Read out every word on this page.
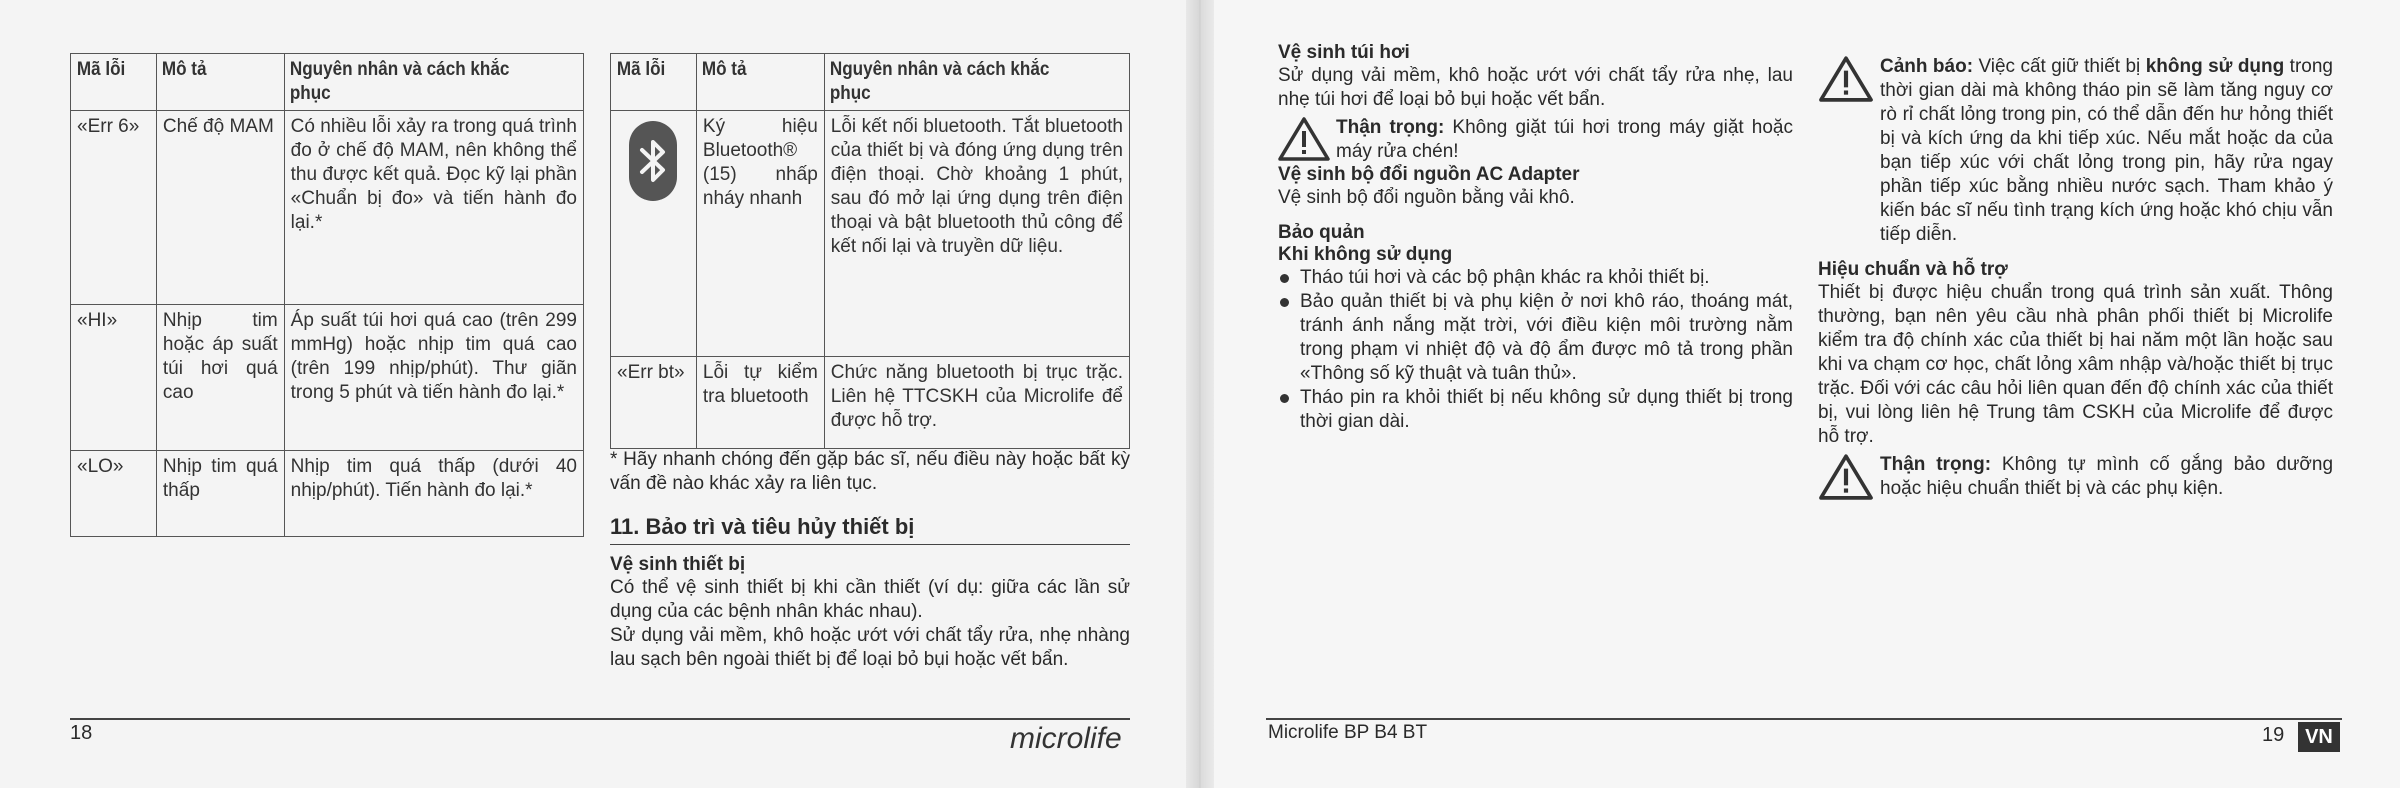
Mã lỗi	Mô tả	Nguyên nhân và cách khắc phục
«Err 6»	Chế độ MAM	Có nhiều lỗi xảy ra trong quá trình đo ở chế độ MAM, nên không thể thu được kết quả. Đọc kỹ lại phần «Chuẩn bị đo» và tiến hành đo lại.*
«HI»	Nhịp tim hoặc áp suất túi hơi quá cao	Áp suất túi hơi quá cao (trên 299 mmHg) hoặc nhịp tim quá cao (trên 199 nhịp/phút). Thư giãn trong 5 phút và tiến hành đo lại.*
«LO»	Nhịp tim quá thấp	Nhịp tim quá thấp (dưới 40 nhịp/phút). Tiến hành đo lại.*
Mã lỗi	Mô tả	Nguyên nhân và cách khắc phục

	Ký hiệu Bluetooth® (15) nhấp nháy nhanh	Lỗi kết nối bluetooth. Tắt bluetooth của thiết bị và đóng ứng dụng trên điện thoại. Chờ khoảng 1 phút, sau đó mở lại ứng dụng trên điện thoại và bật bluetooth thủ công để kết nối lại và truyền dữ liệu.
«Err bt»	Lỗi tự kiểm tra bluetooth	Chức năng bluetooth bị trục trặc. Liên hệ TTCSKH của Microlife để được hỗ trợ.
* Hãy nhanh chóng đến gặp bác sĩ, nếu điều này hoặc bất kỳ vấn đề nào khác xảy ra liên tục.
11. Bảo trì và tiêu hủy thiết bị
Vệ sinh thiết bị
Có thể vệ sinh thiết bị khi cần thiết (ví dụ: giữa các lần sử dụng của các bệnh nhân khác nhau).
Sử dụng vải mềm, khô hoặc ướt với chất tẩy rửa, nhẹ nhàng lau sạch bên ngoài thiết bị để loại bỏ bụi hoặc vết bẩn.
18	microlife
Vệ sinh túi hơi
Sử dụng vải mềm, khô hoặc ướt với chất tẩy rửa nhẹ, lau nhẹ túi hơi để loại bỏ bụi hoặc vết bẩn.
Thận trọng: Không giặt túi hơi trong máy giặt hoặc máy rửa chén!
Vệ sinh bộ đổi nguồn AC Adapter
Vệ sinh bộ đổi nguồn bằng vải khô.
Bảo quản
Khi không sử dụng
Tháo túi hơi và các bộ phận khác ra khỏi thiết bị.
Bảo quản thiết bị và phụ kiện ở nơi khô ráo, thoáng mát, tránh ánh nắng mặt trời, với điều kiện môi trường nằm trong phạm vi nhiệt độ và độ ẩm được mô tả trong phần «Thông số kỹ thuật và tuân thủ».
Tháo pin ra khỏi thiết bị nếu không sử dụng thiết bị trong thời gian dài.
Cảnh báo: Việc cất giữ thiết bị không sử dụng trong thời gian dài mà không tháo pin sẽ làm tăng nguy cơ rò rỉ chất lỏng trong pin, có thể dẫn đến hư hỏng thiết bị và kích ứng da khi tiếp xúc. Nếu mắt hoặc da của bạn tiếp xúc với chất lỏng trong pin, hãy rửa ngay phần tiếp xúc bằng nhiều nước sạch. Tham khảo ý kiến bác sĩ nếu tình trạng kích ứng hoặc khó chịu vẫn tiếp diễn.
Hiệu chuẩn và hỗ trợ
Thiết bị được hiệu chuẩn trong quá trình sản xuất. Thông thường, bạn nên yêu cầu nhà phân phối thiết bị Microlife kiểm tra độ chính xác của thiết bị hai năm một lần hoặc sau khi va chạm cơ học, chất lỏng xâm nhập và/hoặc thiết bị trục trặc. Đối với các câu hỏi liên quan đến độ chính xác của thiết bị, vui lòng liên hệ Trung tâm CSKH của Microlife để được hỗ trợ.
Thận trọng: Không tự mình cố gắng bảo dưỡng hoặc hiệu chuẩn thiết bị và các phụ kiện.
Microlife BP B4 BT	19	VN
